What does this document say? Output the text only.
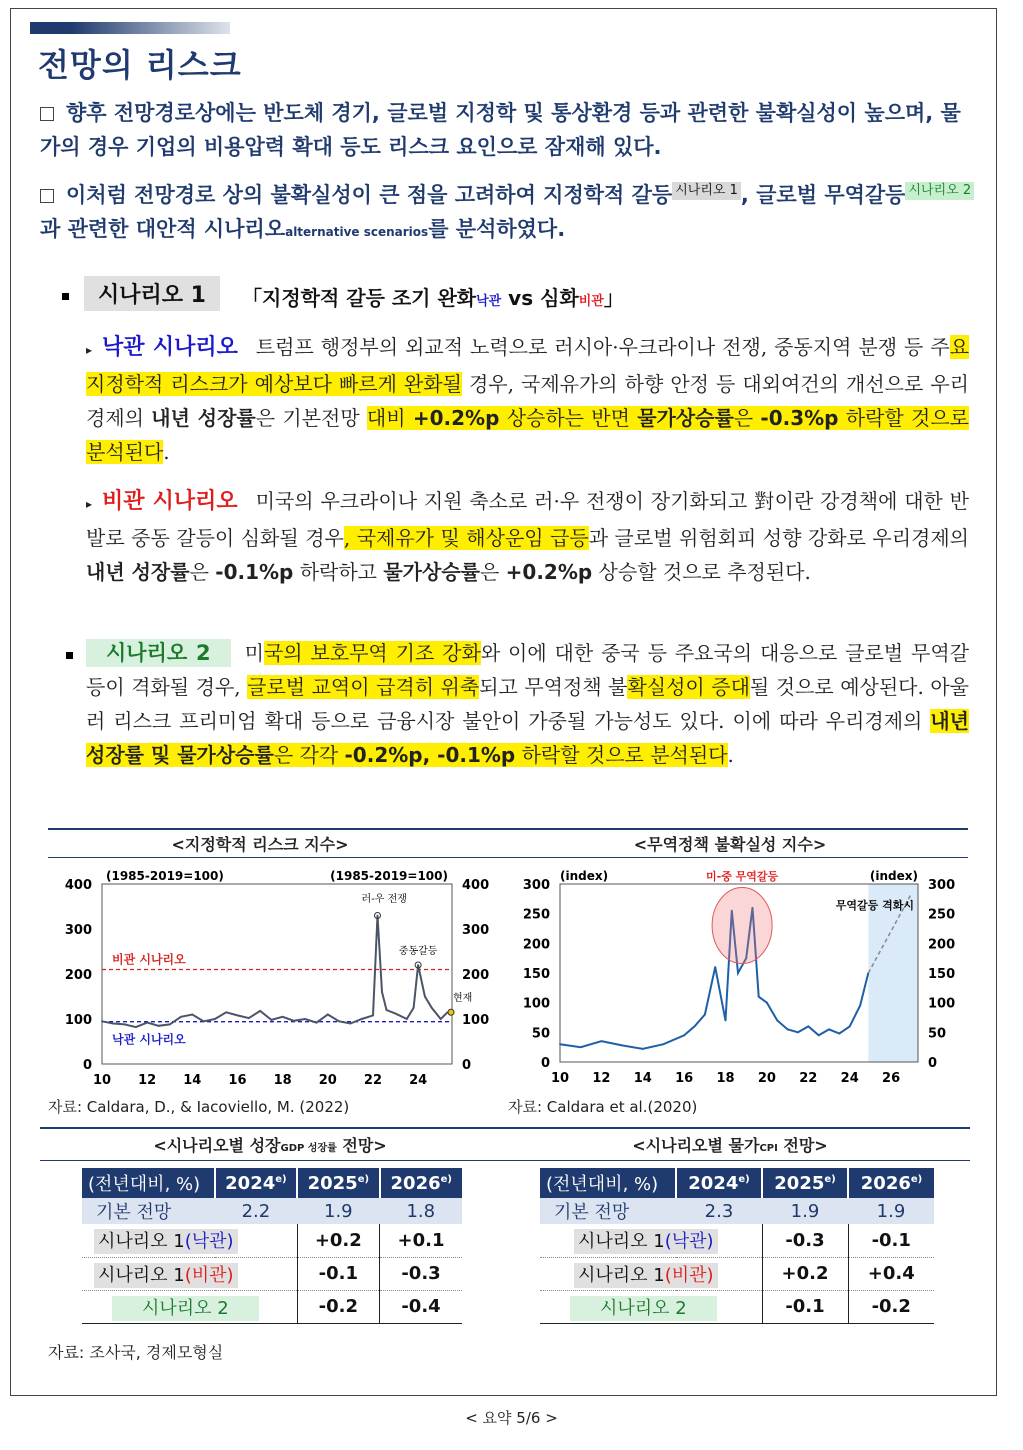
전망의 리스크
향후 전망경로상에는 반도체 경기, 글로벌 지정학 및 통상환경 등과 관련한 불확실성이 높으며, 물가의 경우 기업의 비용압력 확대 등도 리스크 요인으로 잠재해 있다.
이처럼 전망경로 상의 불확실성이 큰 점을 고려하여 지정학적 갈등 시나리오 1 , 글로벌 무역갈등 시나리오 2과 관련한 대안적 시나리오alternative scenarios를 분석하였다.
시나리오 1	「지정학적 갈등 조기 완화낙관 vs 심화비관」
▸ 낙관 시나리오 트럼프 행정부의 외교적 노력으로 러시아·우크라이나 전쟁, 중동지역 분쟁 등 주요 지정학적 리스크가 예상보다 빠르게 완화될 경우, 국제유가의 하향 안정 등 대외여건의 개선으로 우리경제의 내년 성장률은 기본전망 대비 +0.2%p 상승하는 반면 물가상승률은 -0.3%p 하락할 것으로 분석된다.
▸ 비관 시나리오 미국의 우크라이나 지원 축소로 러·우 전쟁이 장기화되고 對이란 강경책에 대한 반발로 중동 갈등이 심화될 경우, 국제유가 및 해상운임 급등과 글로벌 위험회피 성향 강화로 우리경제의 내년 성장률은 -0.1%p 하락하고 물가상승률은 +0.2%p 상승할 것으로 추정된다.
시나리오 2 미국의 보호무역 기조 강화와 이에 대한 중국 등 주요국의 대응으로 글로벌 무역갈등이 격화될 경우, 글로벌 교역이 급격히 위축되고 무역정책 불확실성이 증대될 것으로 예상된다. 아울러 리스크 프리미엄 확대 등으로 금융시장 불안이 가중될 가능성도 있다. 이에 따라 우리경제의 내년 성장률 및 물가상승률은 각각 -0.2%p, -0.1%p 하락할 것으로 분석된다.
<지정학적 리스크 지수>	<무역정책 불확실성 지수>
0	0
100	100
200	200
300	300
400	400
10 12 14 16 18 20 22 24
(1985-2019=100)	(1985-2019=100)
비관 시나리오
낙관 시나리오
러-우 전쟁
중동갈등
현재
0	0
50	50
100	100
150	150
200	200
250	250
300	300
10 12 14 16 18 20 22 24 26
(index)	(index)
미-중 무역갈등
무역갈등 격화시
자료: Caldara, D., & Iacoviello, M. (2022)	자료: Caldara et al.(2020)
<시나리오별 성장GDP 성장률 전망>	<시나리오별 물가CPI 전망>
(전년대비, %)	2024$^{e)}$	2025$^{e)}$	2026$^{e)}$
기본 전망	2.2	1.9	1.8
시나리오 1(낙관)		+0.2	+0.1
시나리오 1(비관)		-0.1	-0.3
시나리오 2		-0.2	-0.4
(전년대비, %)	2024$^{e)}$	2025$^{e)}$	2026$^{e)}$
기본 전망	2.3	1.9	1.9
시나리오 1(낙관)		-0.3	-0.1
시나리오 1(비관)		+0.2	+0.4
시나리오 2		-0.1	-0.2
자료: 조사국, 경제모형실
< 요약 5/6 >
